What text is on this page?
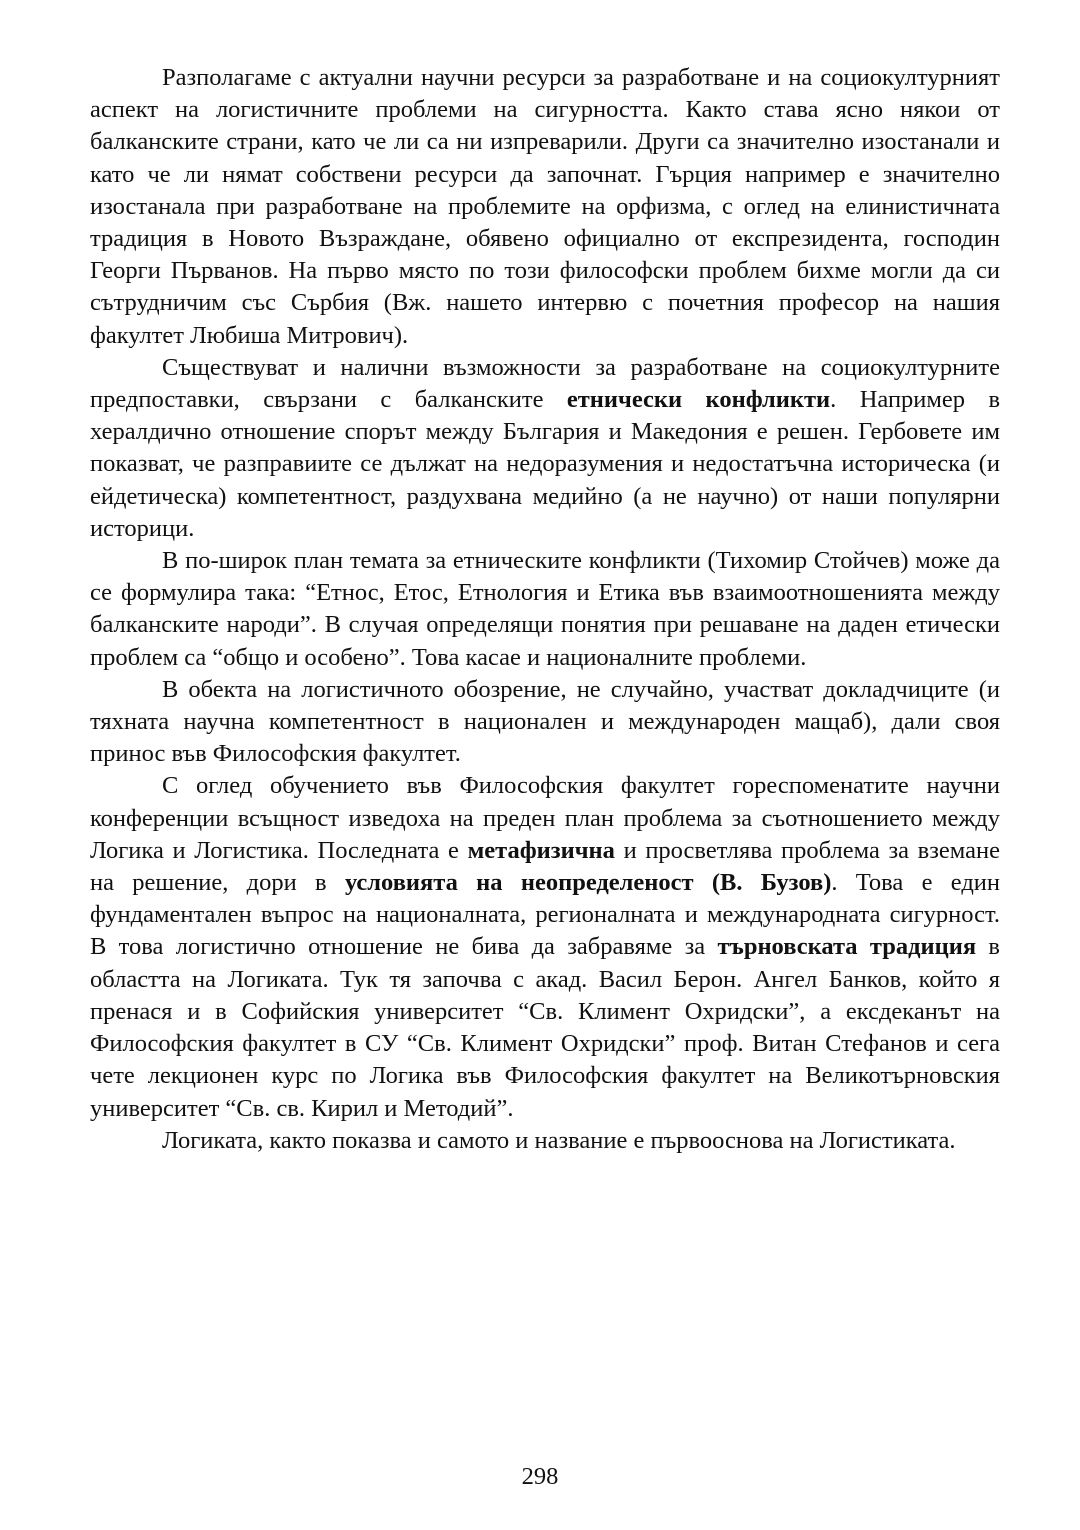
Разполагаме с актуални научни ресурси за разработване и на социокултурният аспект на логистичните проблеми на сигурността. Както става ясно някои от балканските страни, като че ли са ни изпреварили. Други са значително изостанали и като че ли нямат собствени ресурси да започнат. Гърция например е значително изостанала при разработване на проблемите на орфизма, с оглед на елинистичната традиция в Новото Възраждане, обявено официално от експрезидента, господин Георги Първанов. На първо място по този философски проблем бихме могли да си сътрудничим със Сърбия (Вж. нашето интервю с почетния професор на нашия факултет Любиша Митрович).

Съществуват и налични възможности за разработване на социокултурните предпоставки, свързани с балканските етнически конфликти. Например в хералдично отношение спорът между България и Македония е решен. Гербовете им показват, че разправиите се дължат на недоразумения и недостатъчна историческа (и ейдетическа) компетентност, раздухвана медийно (а не научно) от наши популярни историци.

В по-широк план темата за етническите конфликти (Тихомир Стойчев) може да се формулира така: “Етнос, Етос, Етнология и Етика във взаимоотношенията между балканските народи”. В случая определящи понятия при решаване на даден етически проблем са “общо и особено”. Това касае и националните проблеми.

В обекта на логистичното обозрение, не случайно, участват докладчиците (и тяхната научна компетентност в национален и международен мащаб), дали своя принос във Философския факултет.

С оглед обучението във Философския факултет гореспоменатите научни конференции всъщност изведоха на преден план проблема за съотношението между Логика и Логистика. Последната е метафизична и просветлява проблема за вземане на решение, дори в условията на неопределеност (В. Бузов). Това е един фундаментален въпрос на националната, регионалната и международната сигурност. В това логистично отношение не бива да забравяме за търновската традиция в областта на Логиката. Тук тя започва с акад. Васил Берон. Ангел Банков, който я пренася и в Софийския университет “Св. Климент Охридски”, а ексдеканът на Философския факултет в СУ “Св. Климент Охридски” проф. Витан Стефанов и сега чете лекционен курс по Логика във Философския факултет на Великотърновския университет “Св. св. Кирил и Методий”.

Логиката, както показва и самото и название е първооснова на Логистиката.

298
